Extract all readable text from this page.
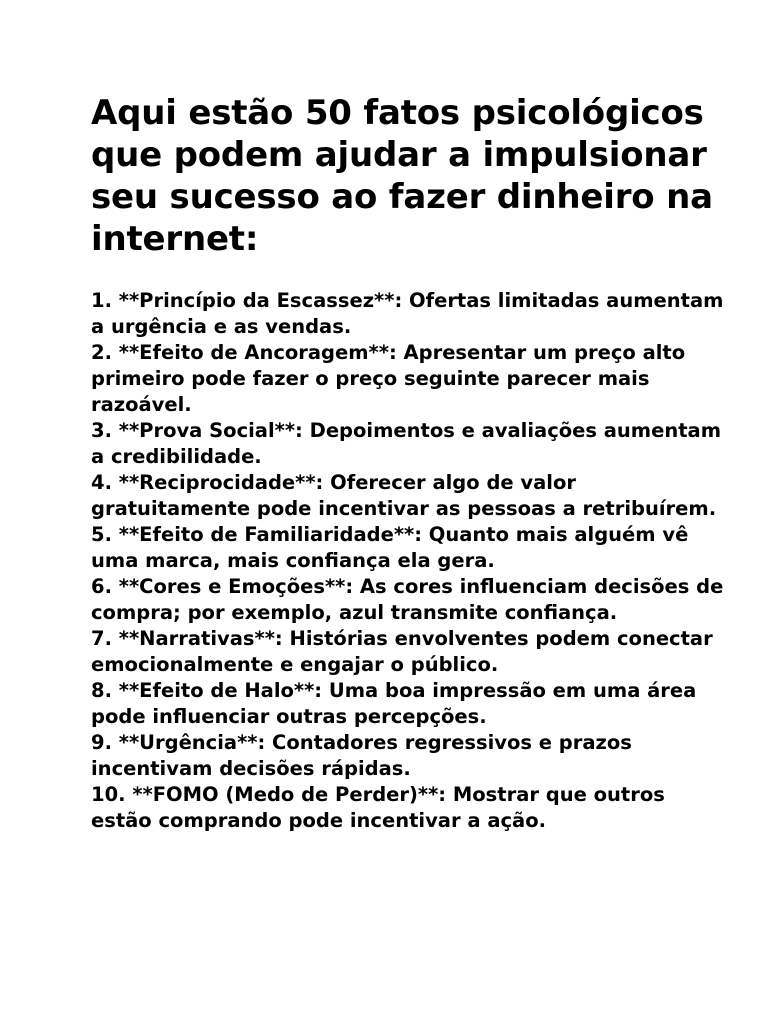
Aqui estão 50 fatos psicológicos que podem ajudar a impulsionar seu sucesso ao fazer dinheiro na internet:

1. **Princípio da Escassez**: Ofertas limitadas aumentam a urgência e as vendas.

2. **Efeito de Ancoragem**: Apresentar um preço alto primeiro pode fazer o preço seguinte parecer mais razoável.

3. **Prova Social**: Depoimentos e avaliações aumentam a credibilidade.

4. **Reciprocidade**: Oferecer algo de valor gratuitamente pode incentivar as pessoas a retribuírem.

5. **Efeito de Familiaridade**: Quanto mais alguém vê uma marca, mais confiança ela gera.

6. **Cores e Emoções**: As cores influenciam decisões de compra; por exemplo, azul transmite confiança.

7. **Narrativas**: Histórias envolventes podem conectar emocionalmente e engajar o público.

8. **Efeito de Halo**: Uma boa impressão em uma área pode influenciar outras percepções.

9. **Urgência**: Contadores regressivos e prazos incentivam decisões rápidas.

10. **FOMO (Medo de Perder)**: Mostrar que outros estão comprando pode incentivar a ação.
